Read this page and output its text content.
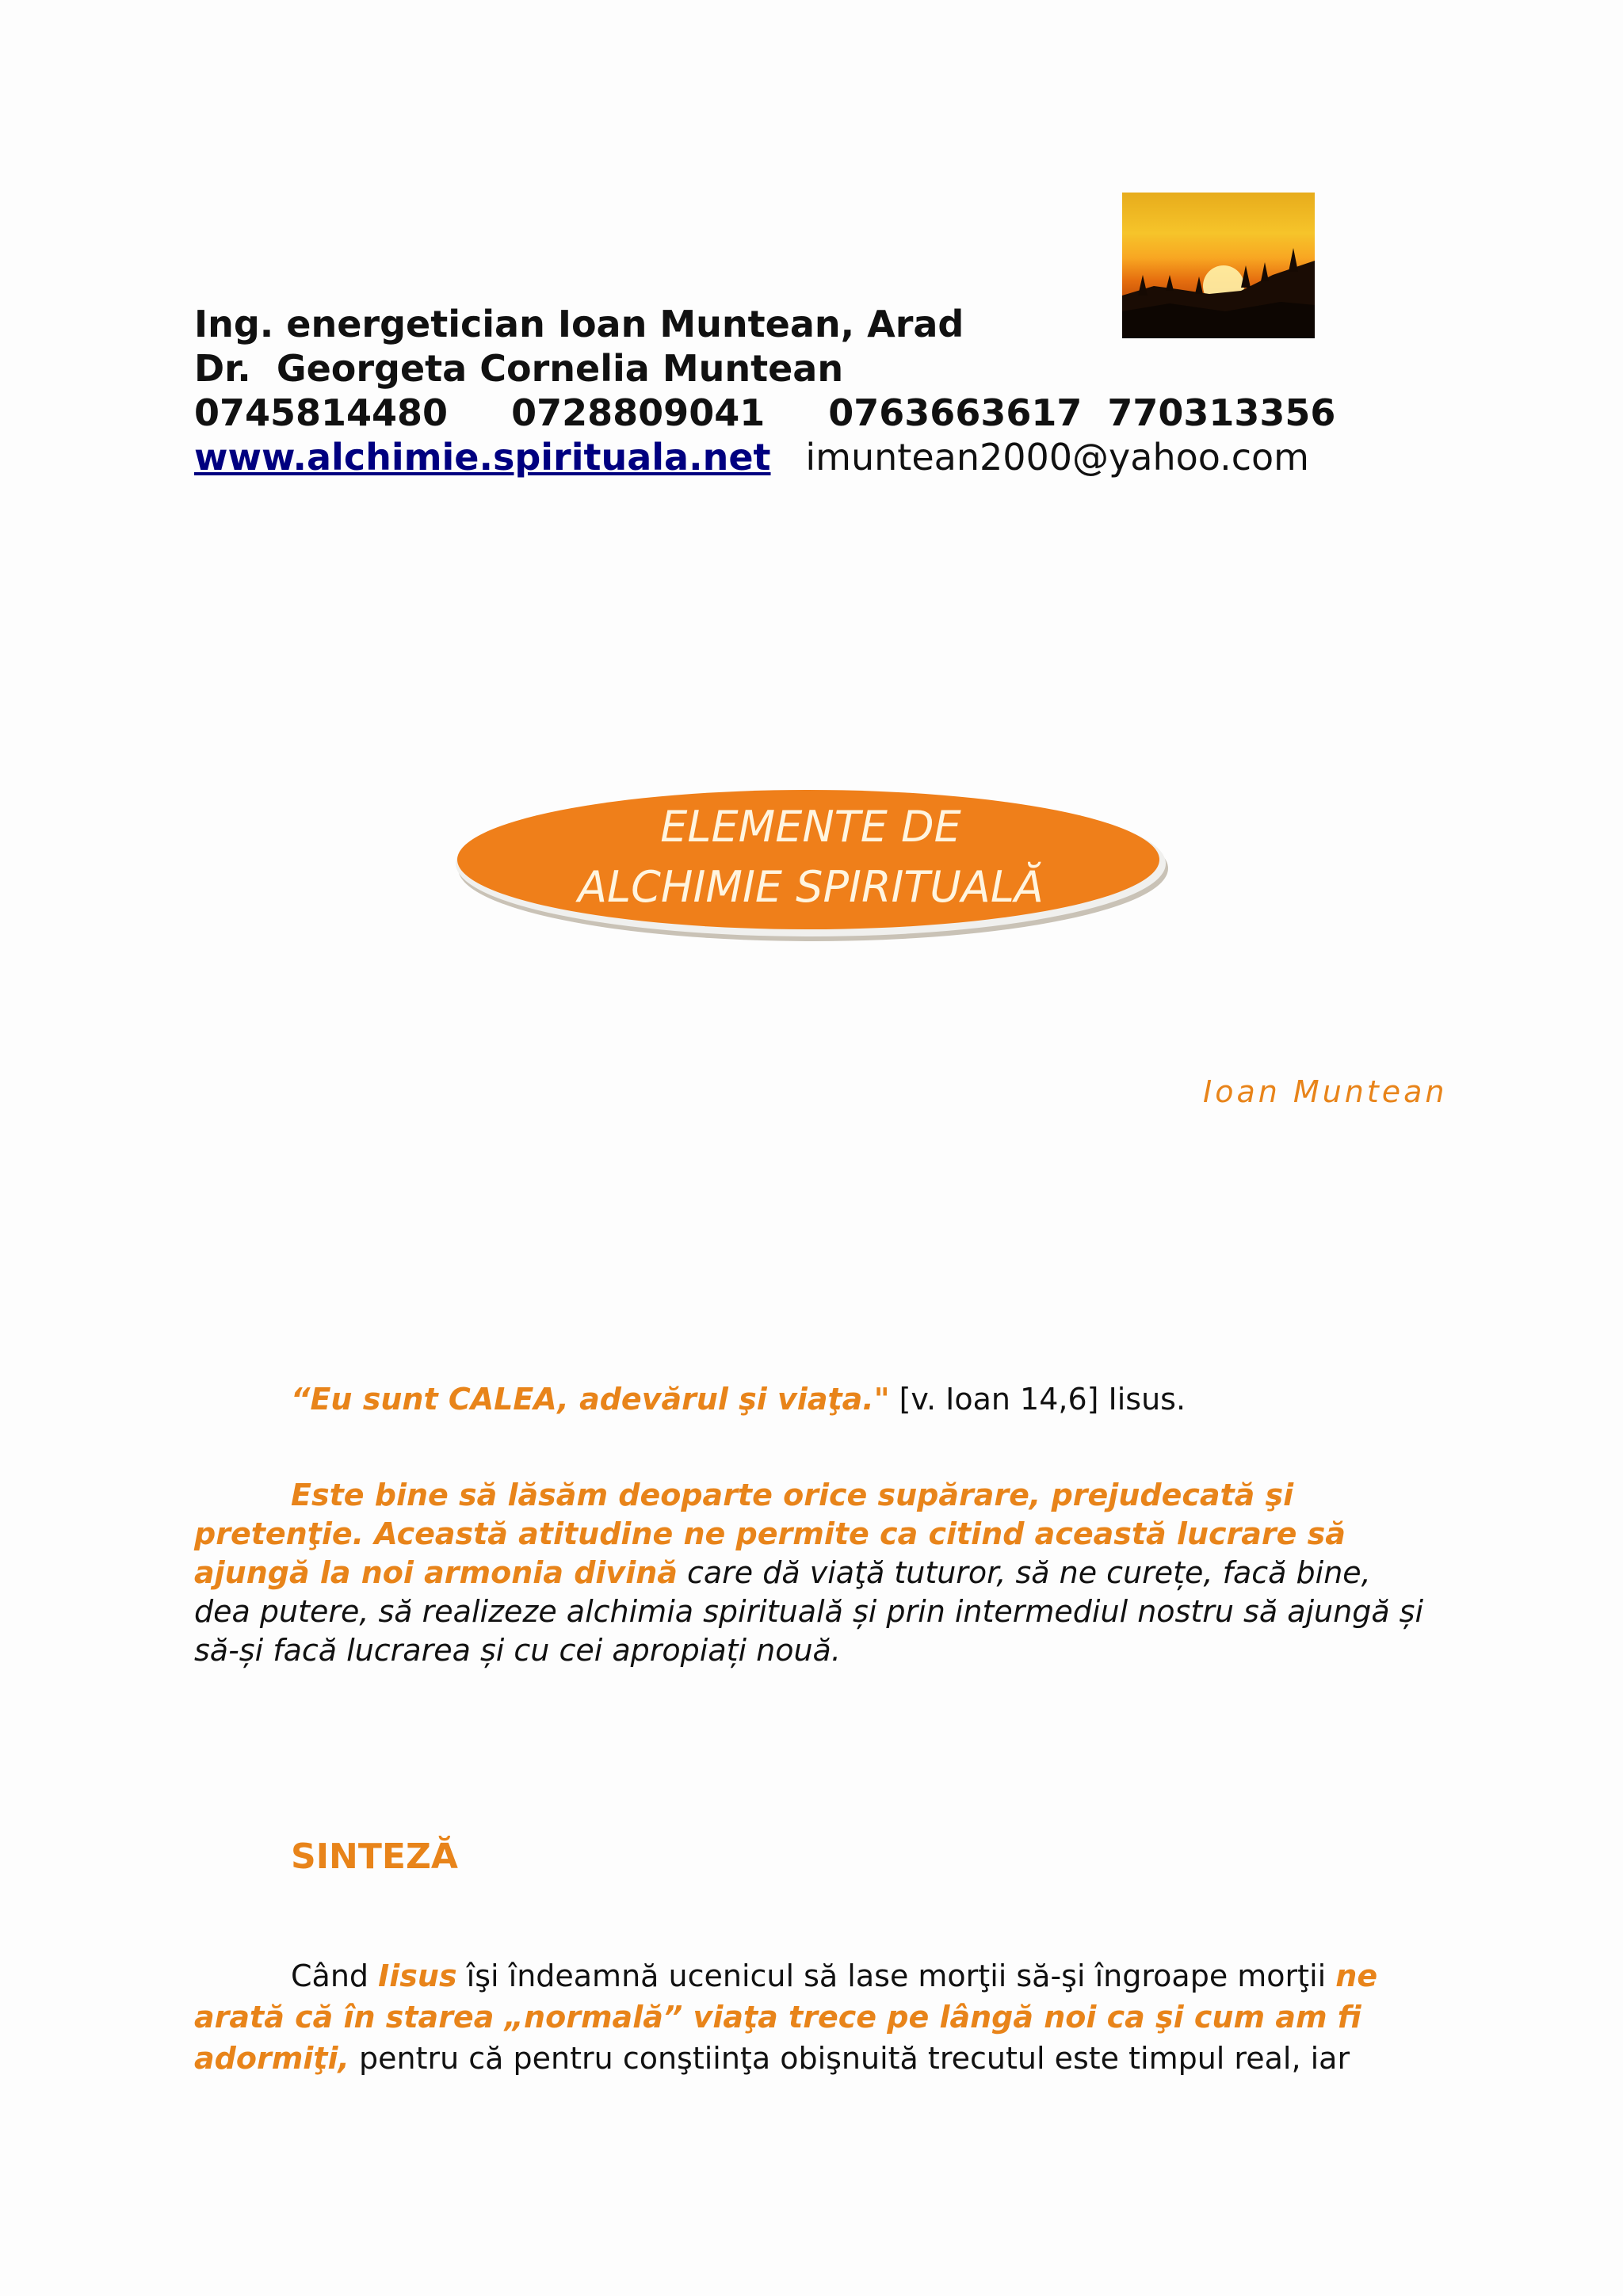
Ing. energetician Ioan Muntean, Arad
Dr.  Georgeta Cornelia Muntean
0745814480     0728809041     0763663617  770313356
www.alchimie.spirituala.net imuntean2000@yahoo.com
ELEMENTE DE
ALCHIMIE SPIRITUALĂ
Ioan Muntean
“Eu sunt CALEA, adevărul şi viaţa." [v. Ioan 14,6] Iisus.
Este bine să lăsăm deoparte orice supărare, prejudecată şi pretenţie. Această atitudine ne permite ca citind această lucrare să ajungă la noi armonia divină care dă viaţă tuturor, să ne curețe, facă bine, dea putere, să realizeze alchimia spirituală și prin intermediul nostru să ajungă și să-și facă lucrarea și cu cei apropiați nouă.
SINTEZĂ
Când Iisus îşi îndeamnă ucenicul să lase morţii să-şi îngroape morţii ne arată că în starea „normală” viaţa trece pe lângă noi ca şi cum am fi adormiţi, pentru că pentru conştiinţa obişnuită trecutul este timpul real, iar
